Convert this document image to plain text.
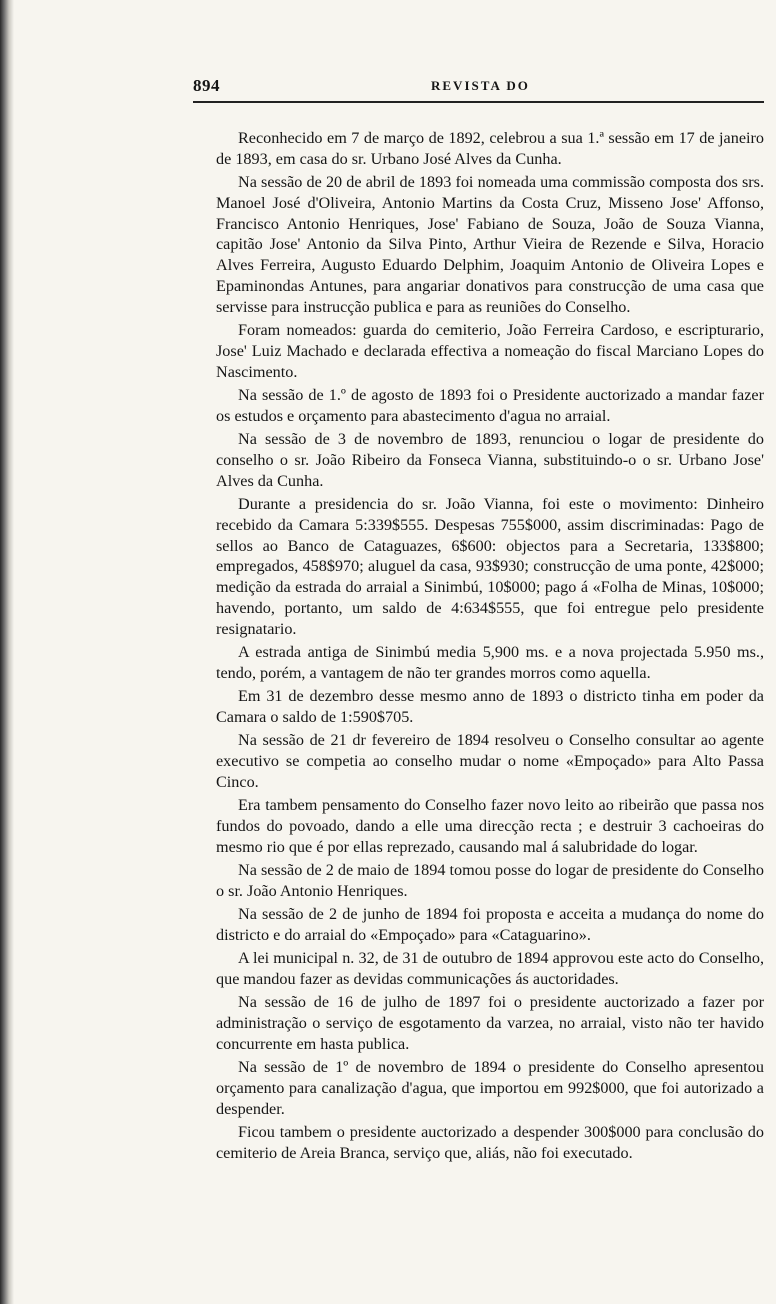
894	REVISTA DO

Reconhecido em 7 de março de 1892, celebrou a sua 1.ª sessão em 17 de janeiro de 1893, em casa do sr. Urbano José Alves da Cunha.

Na sessão de 20 de abril de 1893 foi nomeada uma commissão composta dos srs. Manoel José d'Oliveira, Antonio Martins da Costa Cruz, Misseno Jose' Affonso, Francisco Antonio Henriques, Jose' Fabiano de Souza, João de Souza Vianna, capitão Jose' Antonio da Silva Pinto, Arthur Vieira de Rezende e Silva, Horacio Alves Ferreira, Augusto Eduardo Delphim, Joaquim Antonio de Oliveira Lopes e Epaminondas Antunes, para angariar donativos para construcção de uma casa que servisse para instrucção publica e para as reuniões do Conselho.

Foram nomeados: guarda do cemiterio, João Ferreira Cardoso, e escripturario, Jose' Luiz Machado e declarada effectiva a nomeação do fiscal Marciano Lopes do Nascimento.

Na sessão de 1.º de agosto de 1893 foi o Presidente auctorizado a mandar fazer os estudos e orçamento para abastecimento d'agua no arraial.

Na sessão de 3 de novembro de 1893, renunciou o logar de presidente do conselho o sr. João Ribeiro da Fonseca Vianna, substituindo-o o sr. Urbano Jose' Alves da Cunha.

Durante a presidencia do sr. João Vianna, foi este o movimento: Dinheiro recebido da Camara 5:339$555. Despesas 755$000, assim discriminadas: Pago de sellos ao Banco de Cataguazes, 6$600: objectos para a Secretaria, 133$800; empregados, 458$970; aluguel da casa, 93$930; construcção de uma ponte, 42$000; medição da estrada do arraial a Sinimbú, 10$000; pago á «Folha de Minas, 10$000; havendo, portanto, um saldo de 4:634$555, que foi entregue pelo presidente resignatario.

A estrada antiga de Sinimbú media 5,900 ms. e a nova projectada 5.950 ms., tendo, porém, a vantagem de não ter grandes morros como aquella.

Em 31 de dezembro desse mesmo anno de 1893 o districto tinha em poder da Camara o saldo de 1:590$705.

Na sessão de 21 dr fevereiro de 1894 resolveu o Conselho consultar ao agente executivo se competia ao conselho mudar o nome «Empoçado» para Alto Passa Cinco.

Era tambem pensamento do Conselho fazer novo leito ao ribeirão que passa nos fundos do povoado, dando a elle uma direcção recta ; e destruir 3 cachoeiras do mesmo rio que é por ellas reprezado, causando mal á salubridade do logar.

Na sessão de 2 de maio de 1894 tomou posse do logar de presidente do Conselho o sr. João Antonio Henriques.

Na sessão de 2 de junho de 1894 foi proposta e acceita a mudança do nome do districto e do arraial do «Empoçado» para «Cataguarino».

A lei municipal n. 32, de 31 de outubro de 1894 approvou este acto do Conselho, que mandou fazer as devidas communicações ás auctoridades.

Na sessão de 16 de julho de 1897 foi o presidente auctorizado a fazer por administração o serviço de esgotamento da varzea, no arraial, visto não ter havido concurrente em hasta publica.

Na sessão de 1º de novembro de 1894 o presidente do Conselho apresentou orçamento para canalização d'agua, que importou em 992$000, que foi autorizado a despender.

Ficou tambem o presidente auctorizado a despender 300$000 para conclusão do cemiterio de Areia Branca, serviço que, aliás, não foi executado.
